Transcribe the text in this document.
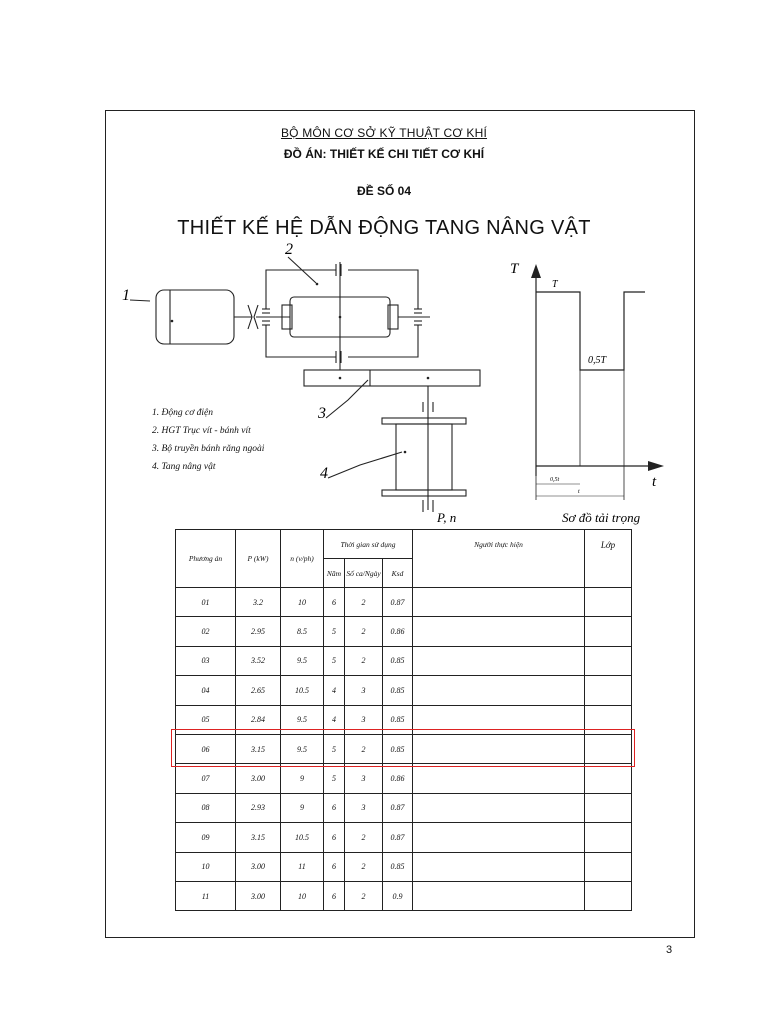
BỘ MÔN CƠ SỞ KỸ THUẬT CƠ KHÍ
ĐỒ ÁN: THIẾT KẾ CHI TIẾT CƠ KHÍ
ĐỀ SỐ 04
THIẾT KẾ HỆ DẪN ĐỘNG TANG NÂNG VẬT
1
2
3
4
P, n
T
t
T
0,5T
0,5t
t
Sơ đồ tải trọng
1. Động cơ điện
2. HGT Trục vít - bánh vít
3. Bộ truyền bánh răng ngoài
4. Tang nâng vật
Phương án	P (kW)	n (v/ph)	Thời gian sử dụng			Người thực hiện	Lớp
			Năm	Số ca/Ngày	Ksd		
01	3.2	10	6	2	0.87		
02	2.95	8.5	5	2	0.86		
03	3.52	9.5	5	2	0.85		
04	2.65	10.5	4	3	0.85		
05	2.84	9.5	4	3	0.85		
06	3.15	9.5	5	2	0.85		
07	3.00	9	5	3	0.86		
08	2.93	9	6	3	0.87		
09	3.15	10.5	6	2	0.87		
10	3.00	11	6	2	0.85		
11	3.00	10	6	2	0.9		
3
